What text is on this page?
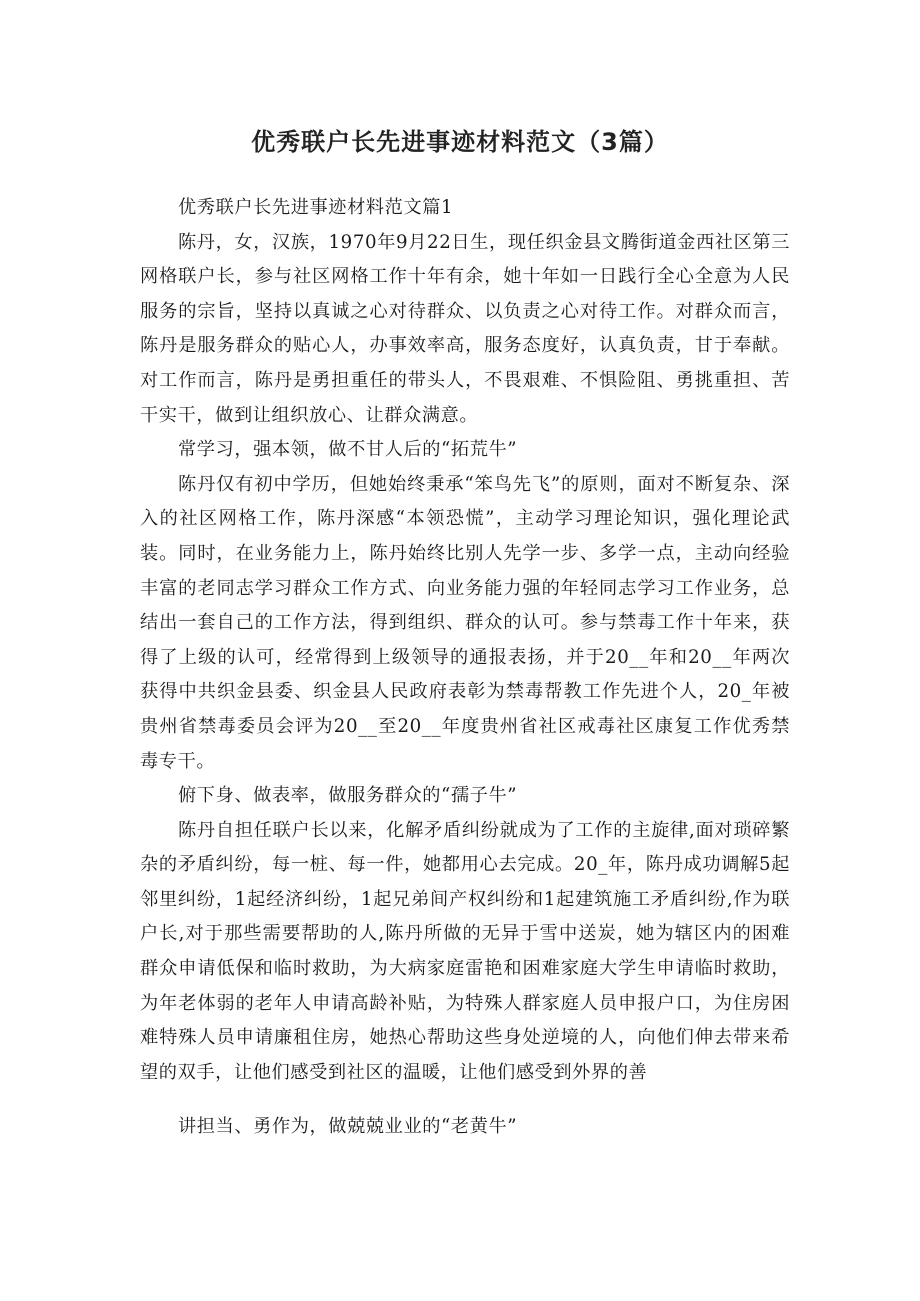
优秀联户长先进事迹材料范文（3篇）

优秀联户长先进事迹材料范文篇1

陈丹，女，汉族，1970年9月22日生，现任织金县文腾街道金西社区第三网格联户长，参与社区网格工作十年有余，她十年如一日践行全心全意为人民服务的宗旨，坚持以真诚之心对待群众、以负责之心对待工作。对群众而言，陈丹是服务群众的贴心人，办事效率高，服务态度好，认真负责，甘于奉献。对工作而言，陈丹是勇担重任的带头人，不畏艰难、不惧险阻、勇挑重担、苦干实干，做到让组织放心、让群众满意。

常学习，强本领，做不甘人后的“拓荒牛”

陈丹仅有初中学历，但她始终秉承“笨鸟先飞”的原则，面对不断复杂、深入的社区网格工作，陈丹深感“本领恐慌”，主动学习理论知识，强化理论武装。同时，在业务能力上，陈丹始终比别人先学一步、多学一点，主动向经验丰富的老同志学习群众工作方式、向业务能力强的年轻同志学习工作业务，总结出一套自己的工作方法，得到组织、群众的认可。参与禁毒工作十年来，获得了上级的认可，经常得到上级领导的通报表扬，并于20__年和20__年两次获得中共织金县委、织金县人民政府表彰为禁毒帮教工作先进个人，20_年被贵州省禁毒委员会评为20__至20__年度贵州省社区戒毒社区康复工作优秀禁毒专干。

俯下身、做表率，做服务群众的“孺子牛”

陈丹自担任联户长以来，化解矛盾纠纷就成为了工作的主旋律,面对琐碎繁杂的矛盾纠纷，每一桩、每一件，她都用心去完成。20_年，陈丹成功调解5起邻里纠纷，1起经济纠纷，1起兄弟间产权纠纷和1起建筑施工矛盾纠纷,作为联户长,对于那些需要帮助的人,陈丹所做的无异于雪中送炭，她为辖区内的困难群众申请低保和临时救助，为大病家庭雷艳和困难家庭大学生申请临时救助，为年老体弱的老年人申请高龄补贴，为特殊人群家庭人员申报户口，为住房困难特殊人员申请廉租住房，她热心帮助这些身处逆境的人，向他们伸去带来希望的双手，让他们感受到社区的温暖，让他们感受到外界的善

讲担当、勇作为，做兢兢业业的“老黄牛”
